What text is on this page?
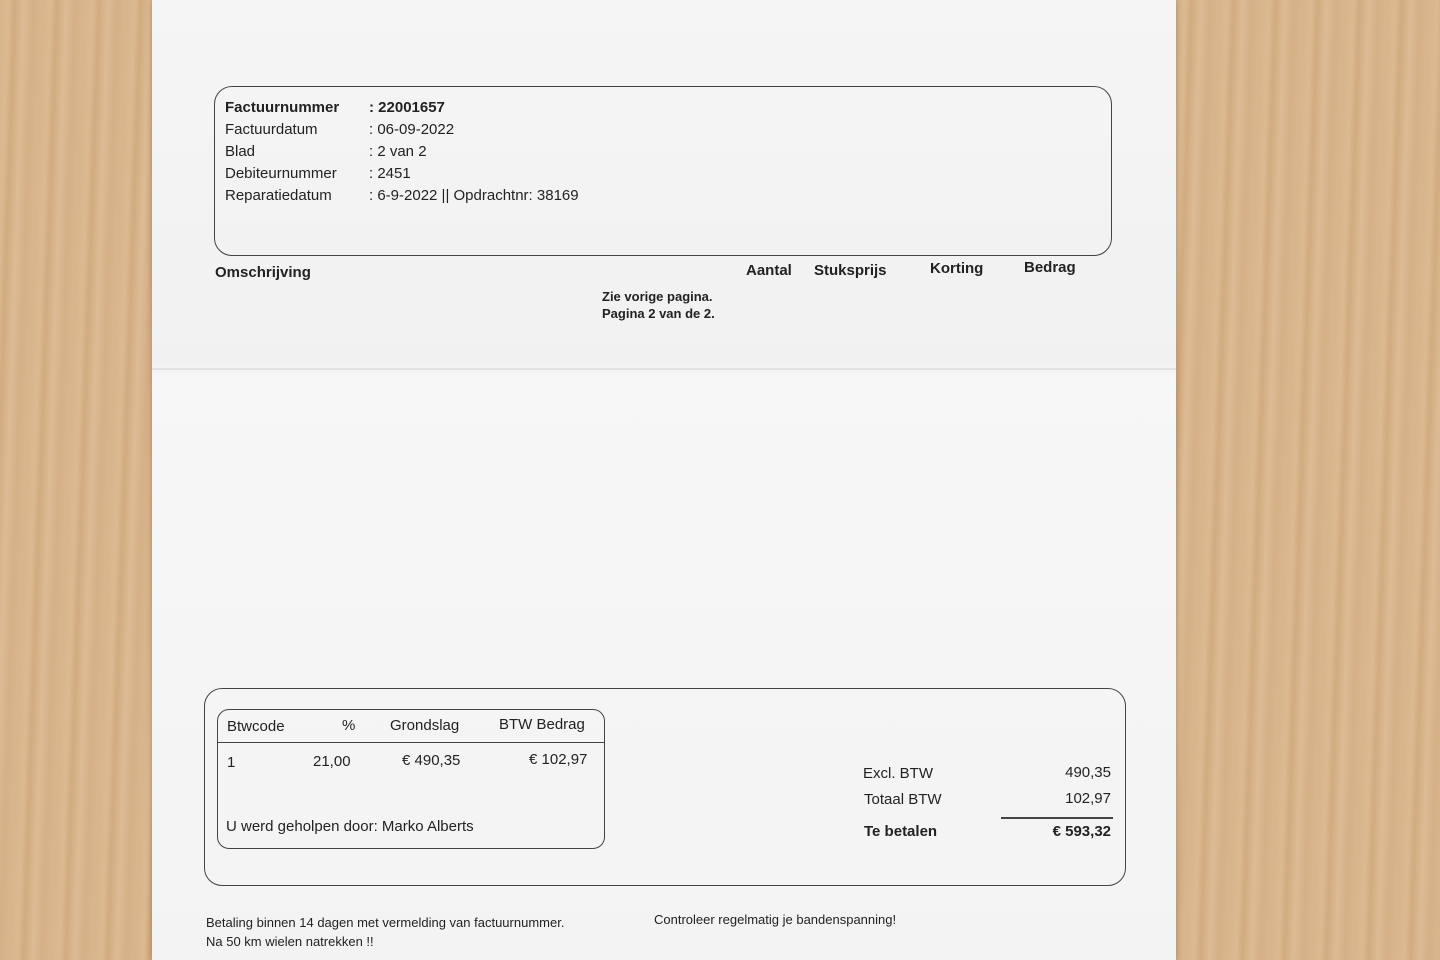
Factuurnummer	: 22001657
Factuurdatum	: 06-09-2022
Blad	: 2 van 2
Debiteurnummer	: 2451
Reparatiedatum	: 6-9-2022 || Opdrachtnr: 38169
Omschrijving	Aantal Stuksprijs	Korting	Bedrag
Zie vorige pagina.
Pagina 2 van de 2.
Btwcode	% Grondslag	BTW Bedrag
1	21,00	€ 490,35	€ 102,97
U werd geholpen door: Marko Alberts
Excl. BTW	490,35
Totaal BTW	102,97
Te betalen	€ 593,32
Betaling binnen 14 dagen met vermelding van factuurnummer.
Na 50 km wielen natrekken !!
Controleer regelmatig je bandenspanning!
